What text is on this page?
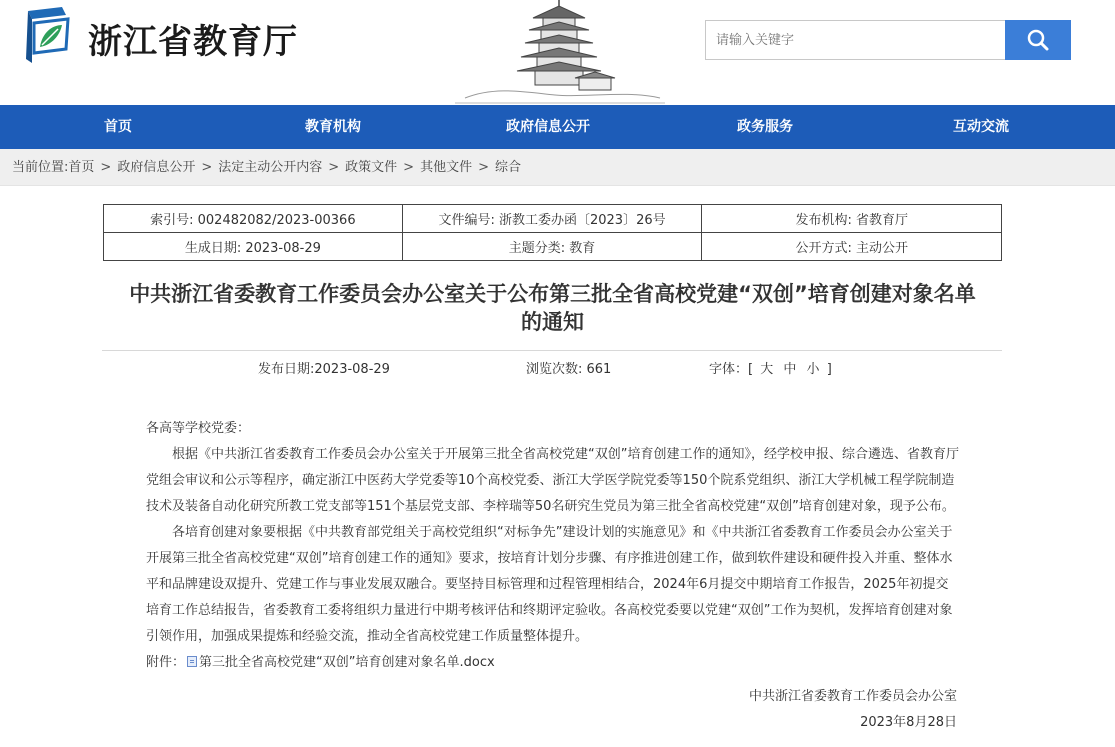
浙江省教育厅
请输入关键字
首页	教育机构	政府信息公开	政务服务	互动交流
当前位置:首页 > 政府信息公开 > 法定主动公开内容 > 政策文件 > 其他文件 > 综合
索引号: 002482082/2023-00366	文件编号: 浙教工委办函〔2023〕26号	发布机构: 省教育厅
生成日期: 2023-08-29	主题分类: 教育	公开方式: 主动公开
中共浙江省委教育工作委员会办公室关于公布第三批全省高校党建“双创”培育创建对象名单的通知
发布日期:2023-08-29	浏览次数: 661	字体：[ 大 中 小 ]

各高等学校党委：

根据《中共浙江省委教育工作委员会办公室关于开展第三批全省高校党建“双创”培育创建工作的通知》，经学校申报、综合遴选、省教育厅党组会审议和公示等程序，确定浙江中医药大学党委等10个高校党委、浙江大学医学院党委等150个院系党组织、浙江大学机械工程学院制造技术及装备自动化研究所教工党支部等151个基层党支部、李梓瑞等50名研究生党员为第三批全省高校党建“双创”培育创建对象，现予公布。

各培育创建对象要根据《中共教育部党组关于高校党组织“对标争先”建设计划的实施意见》和《中共浙江省委教育工作委员会办公室关于开展第三批全省高校党建“双创”培育创建工作的通知》要求，按培育计划分步骤、有序推进创建工作，做到软件建设和硬件投入并重、整体水平和品牌建设双提升、党建工作与事业发展双融合。要坚持目标管理和过程管理相结合，2024年6月提交中期培育工作报告，2025年初提交培育工作总结报告，省委教育工委将组织力量进行中期考核评估和终期评定验收。各高校党委要以党建“双创”工作为契机，发挥培育创建对象引领作用，加强成果提炼和经验交流，推动全省高校党建工作质量整体提升。

附件： 第三批全省高校党建“双创”培育创建对象名单.docx

中共浙江省委教育工作委员会办公室

2023年8月28日
